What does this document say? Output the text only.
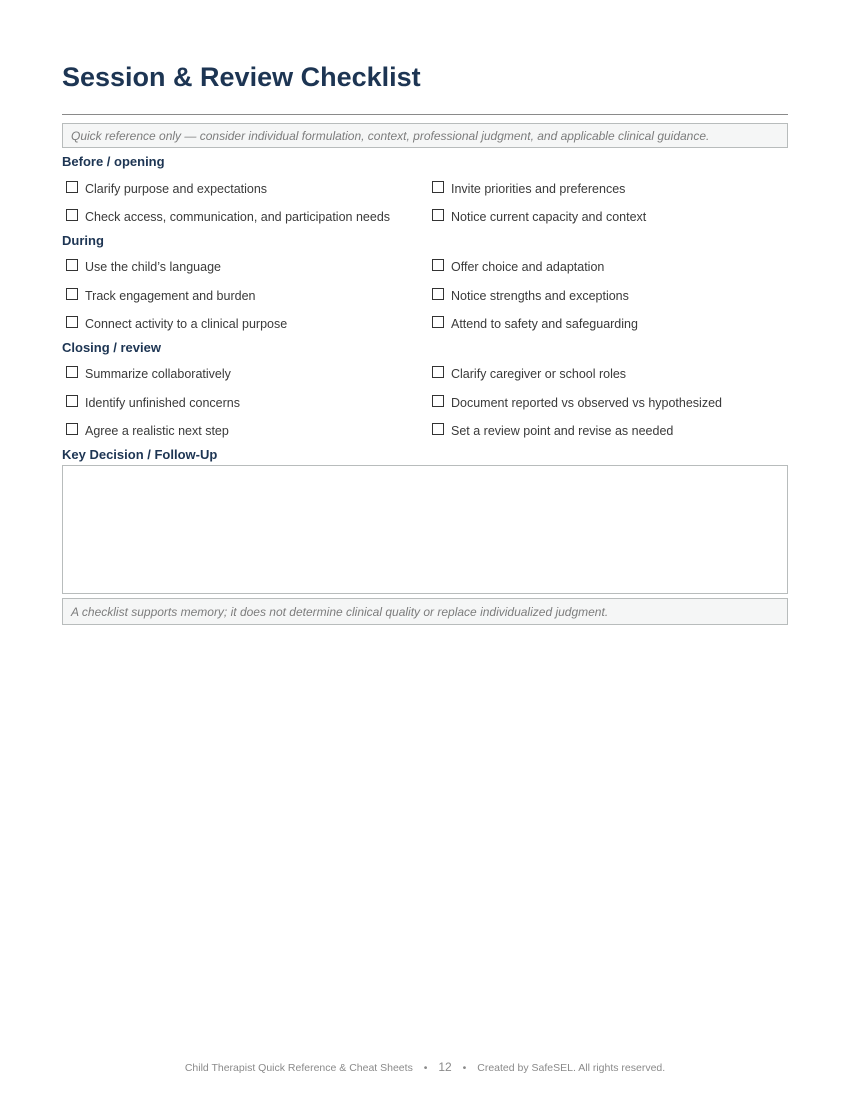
Session & Review Checklist
Quick reference only — consider individual formulation, context, professional judgment, and applicable clinical guidance.
Before / opening
Clarify purpose and expectations	Invite priorities and preferences
Check access, communication, and participation needs	Notice current capacity and context
During
Use the child’s language	Offer choice and adaptation
Track engagement and burden	Notice strengths and exceptions
Connect activity to a clinical purpose	Attend to safety and safeguarding
Closing / review
Summarize collaboratively	Clarify caregiver or school roles
Identify unfinished concerns	Document reported vs observed vs hypothesized
Agree a realistic next step	Set a review point and revise as needed
Key Decision / Follow-Up
A checklist supports memory; it does not determine clinical quality or replace individualized judgment.
Child Therapist Quick Reference & Cheat Sheets • 12 • Created by SafeSEL. All rights reserved.
